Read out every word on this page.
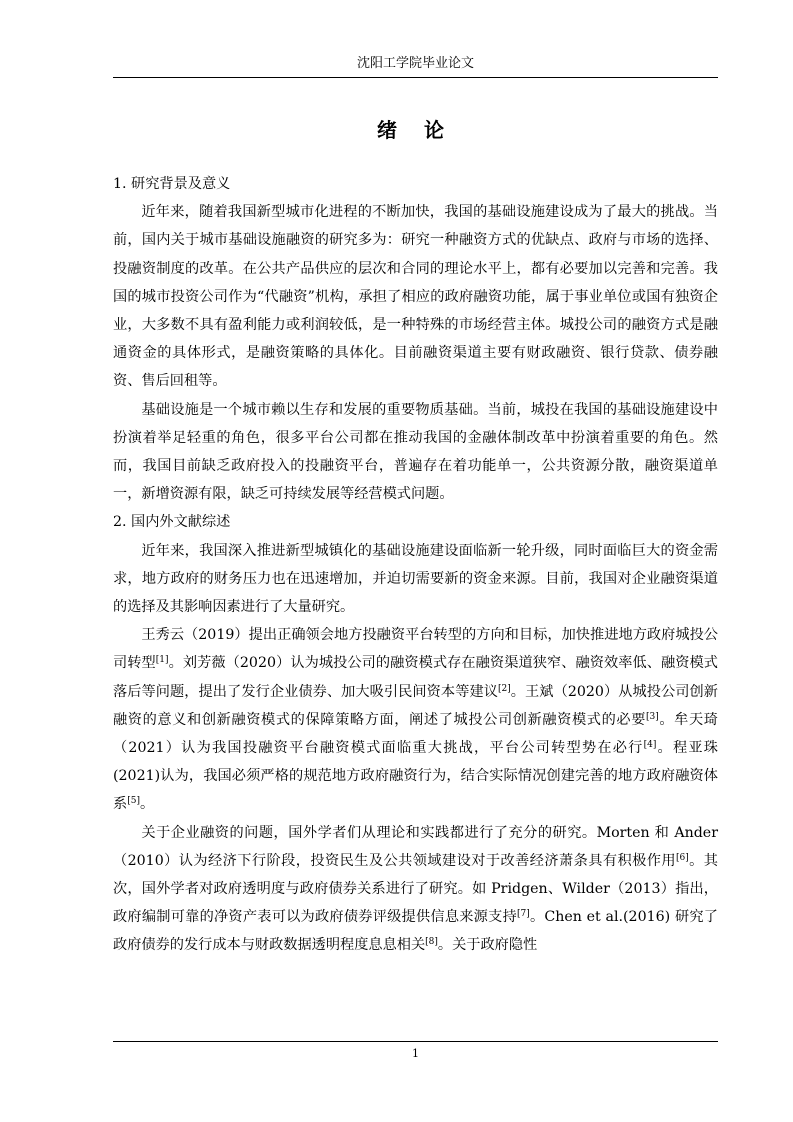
沈阳工学院毕业论文
绪 论
1. 研究背景及意义

近年来，随着我国新型城市化进程的不断加快，我国的基础设施建设成为了最大的挑战。当前，国内关于城市基础设施融资的研究多为：研究一种融资方式的优缺点、政府与市场的选择、投融资制度的改革。在公共产品供应的层次和合同的理论水平上，都有必要加以完善和完善。我国的城市投资公司作为“代融资”机构，承担了相应的政府融资功能，属于事业单位或国有独资企业，大多数不具有盈利能力或利润较低，是一种特殊的市场经营主体。城投公司的融资方式是融通资金的具体形式，是融资策略的具体化。目前融资渠道主要有财政融资、银行贷款、债券融资、售后回租等。

基础设施是一个城市赖以生存和发展的重要物质基础。当前，城投在我国的基础设施建设中扮演着举足轻重的角色，很多平台公司都在推动我国的金融体制改革中扮演着重要的角色。然而，我国目前缺乏政府投入的投融资平台，普遍存在着功能单一，公共资源分散，融资渠道单一，新增资源有限，缺乏可持续发展等经营模式问题。

2. 国内外文献综述

近年来，我国深入推进新型城镇化的基础设施建设面临新一轮升级，同时面临巨大的资金需求，地方政府的财务压力也在迅速增加，并迫切需要新的资金来源。目前，我国对企业融资渠道的选择及其影响因素进行了大量研究。

王秀云（2019）提出正确领会地方投融资平台转型的方向和目标，加快推进地方政府城投公司转型[1]。刘芳薇（2020）认为城投公司的融资模式存在融资渠道狭窄、融资效率低、融资模式落后等问题，提出了发行企业债券、加大吸引民间资本等建议[2]。王斌（2020）从城投公司创新融资的意义和创新融资模式的保障策略方面，阐述了城投公司创新融资模式的必要[3]。牟天琦（2021）认为我国投融资平台融资模式面临重大挑战，平台公司转型势在必行[4]。程亚珠(2021)认为，我国必须严格的规范地方政府融资行为，结合实际情况创建完善的地方政府融资体系[5]。

关于企业融资的问题，国外学者们从理论和实践都进行了充分的研究。Morten 和 Ander（2010）认为经济下行阶段，投资民生及公共领域建设对于改善经济萧条具有积极作用[6]。其次，国外学者对政府透明度与政府债券关系进行了研究。如 Pridgen、Wilder（2013）指出，政府编制可靠的净资产表可以为政府债券评级提供信息来源支持[7]。Chen et al.(2016) 研究了政府债券的发行成本与财政数据透明程度息息相关[8]。关于政府隐性

1
